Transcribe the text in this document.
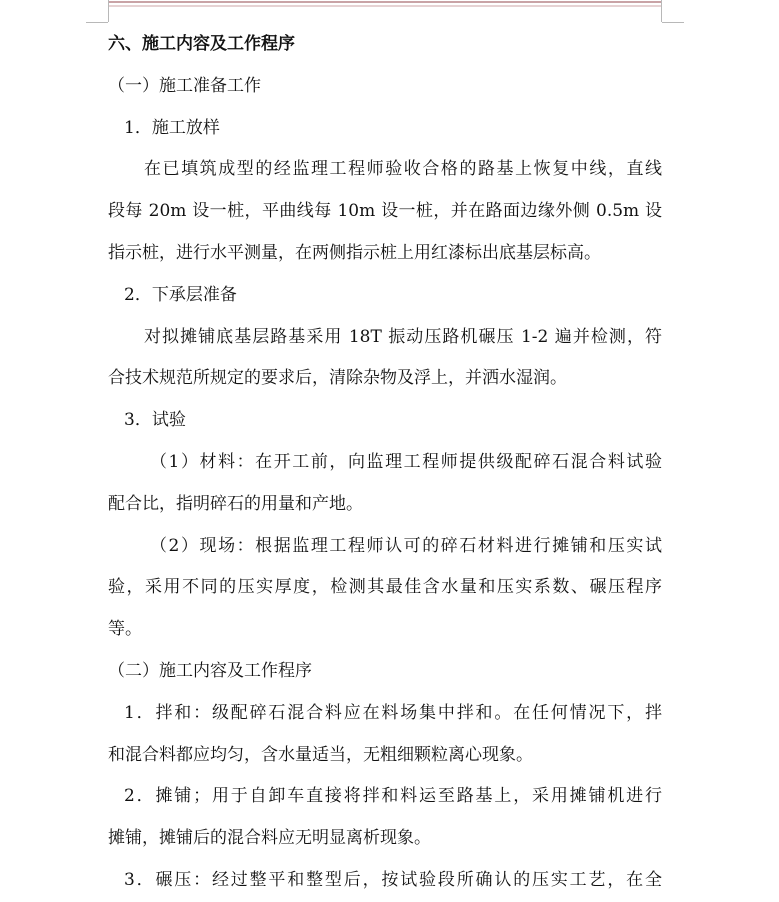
六、施工内容及工作程序
（一）施工准备工作
1．施工放样
在已填筑成型的经监理工程师验收合格的路基上恢复中线，直线
段每 20m 设一桩，平曲线每 10m 设一桩，并在路面边缘外侧 0.5m 设
指示桩，进行水平测量，在两侧指示桩上用红漆标出底基层标高。
2．下承层准备
对拟摊铺底基层路基采用 18T 振动压路机碾压 1-2 遍并检测，符
合技术规范所规定的要求后，清除杂物及浮上，并洒水湿润。
3．试验
（1）材料：在开工前，向监理工程师提供级配碎石混合料试验
配合比，指明碎石的用量和产地。
（2）现场：根据监理工程师认可的碎石材料进行摊铺和压实试
验，采用不同的压实厚度，检测其最佳含水量和压实系数、碾压程序
等。
（二）施工内容及工作程序
1．拌和：级配碎石混合料应在料场集中拌和。在任何情况下，拌
和混合料都应均匀，含水量适当，无粗细颗粒离心现象。
2．摊铺；用于自卸车直接将拌和料运至路基上，采用摊铺机进行
摊铺，摊铺后的混合料应无明显离析现象。
3．碾压：经过整平和整型后，按试验段所确认的压实工艺，在全
